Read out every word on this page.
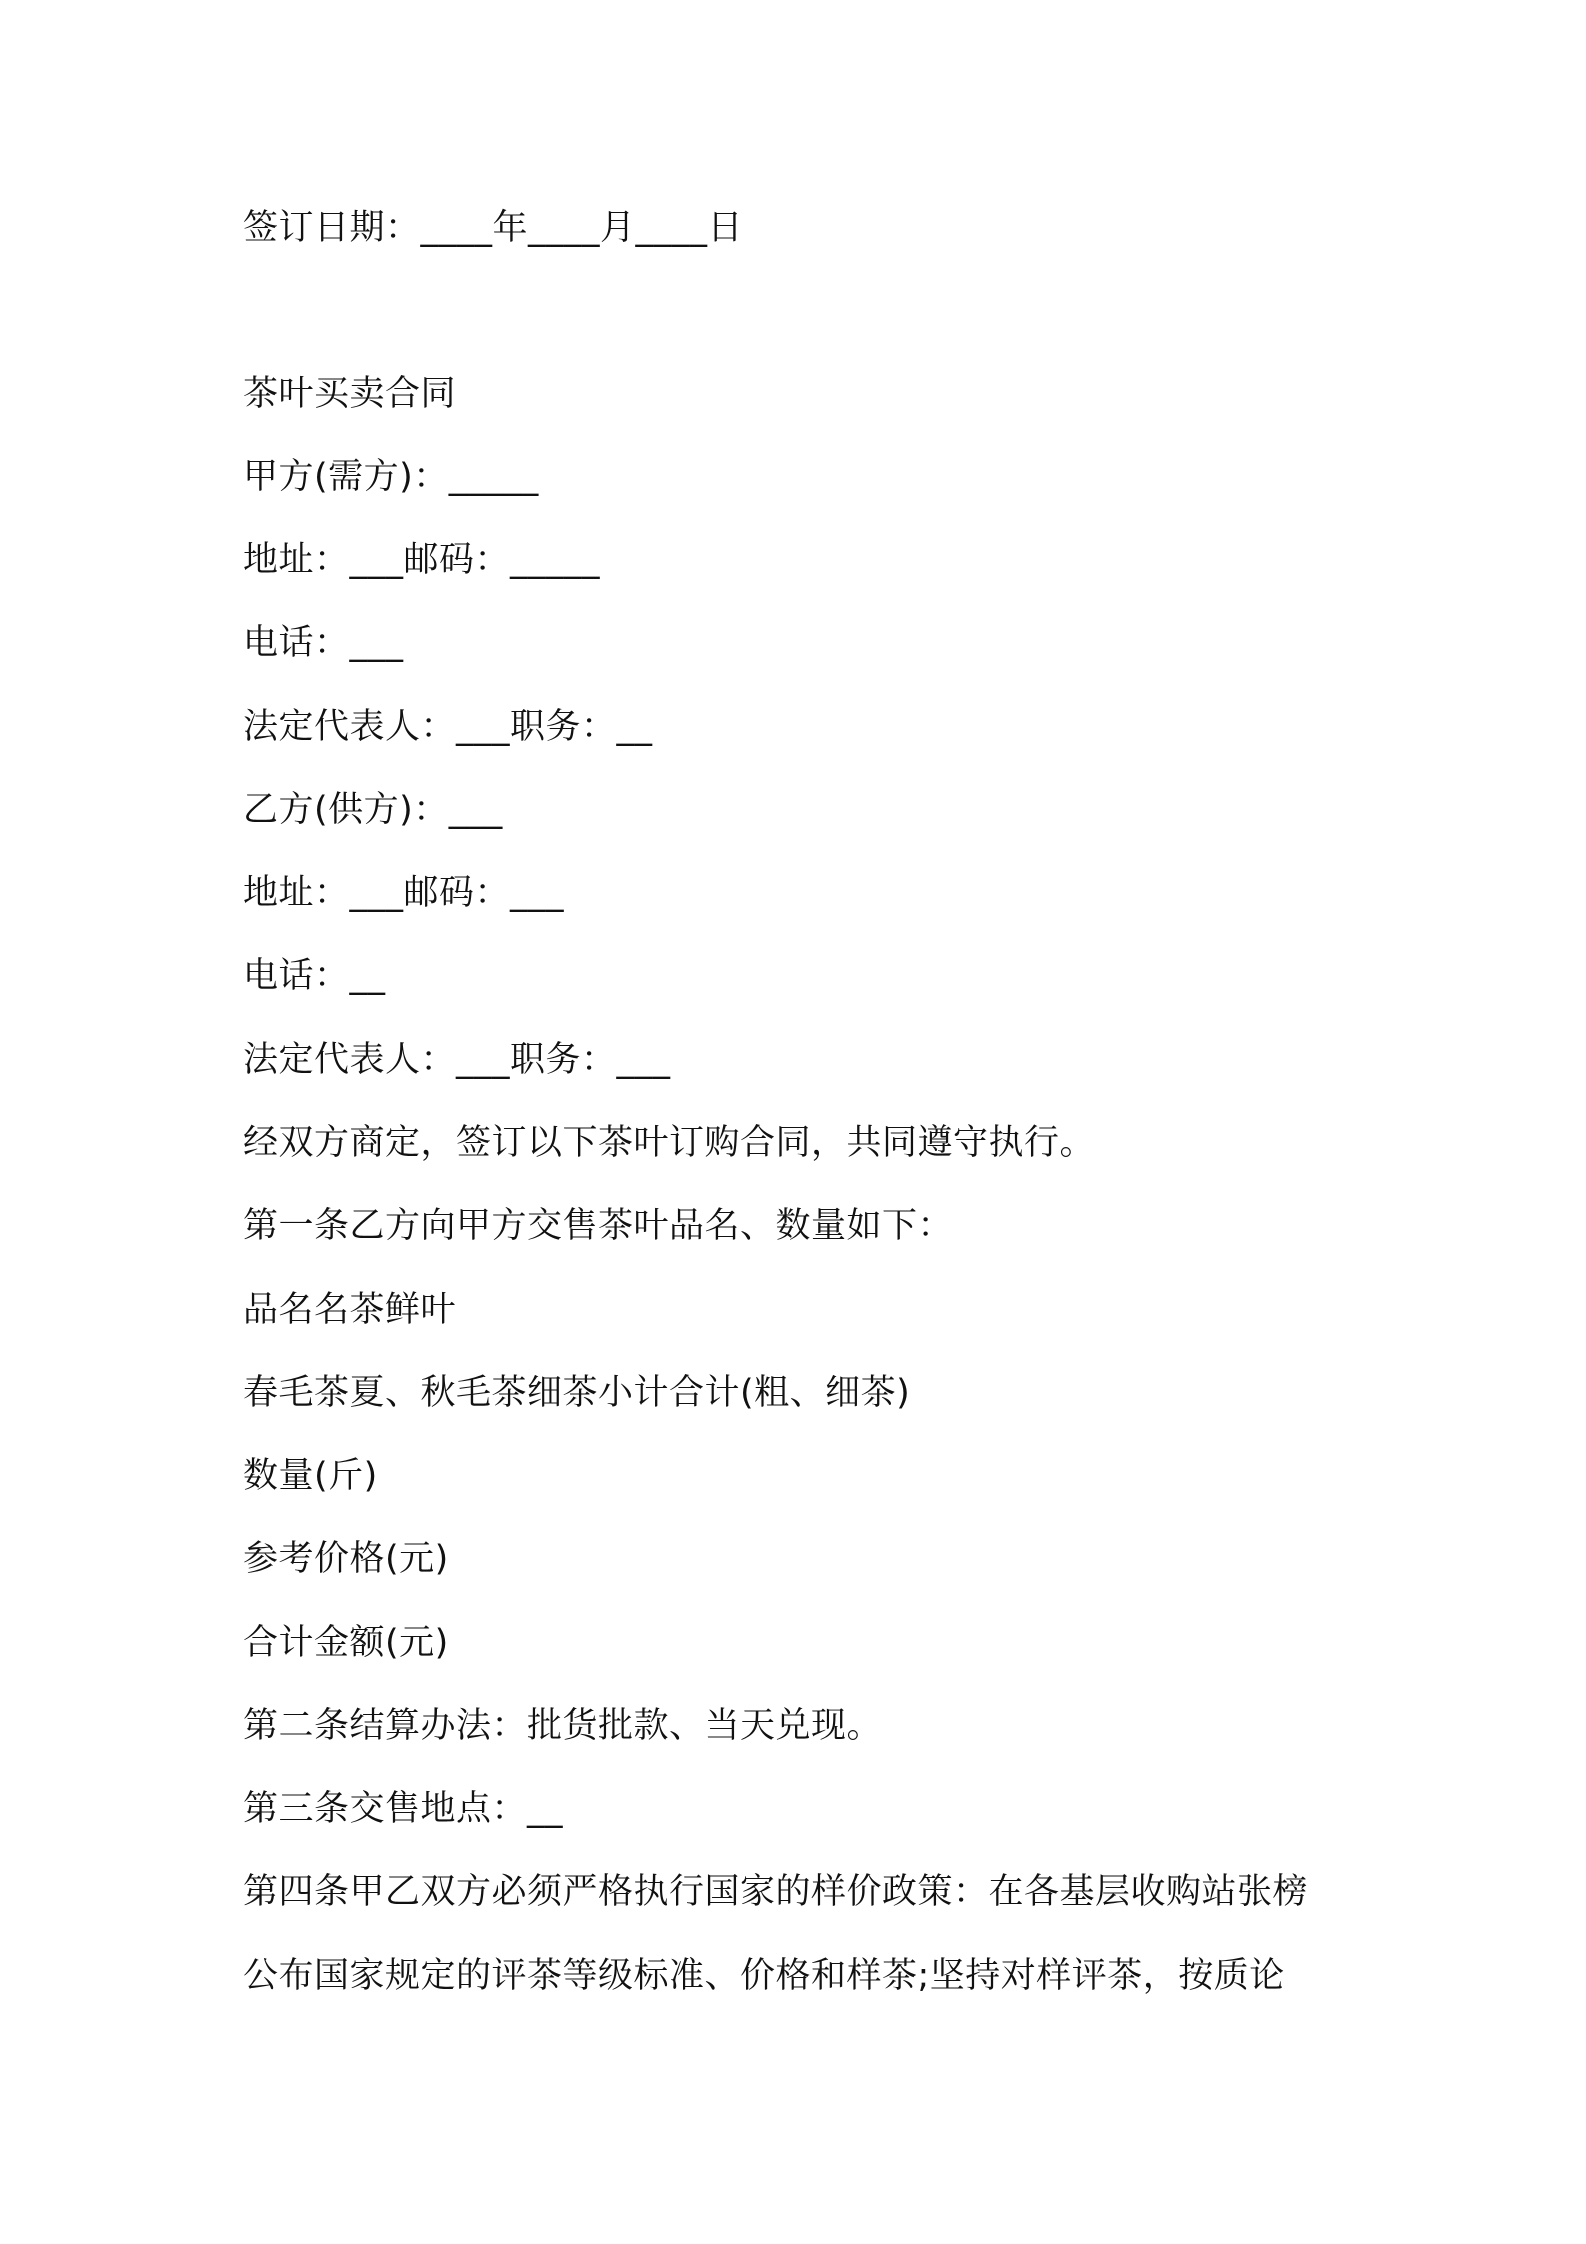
签订日期：____年____月____日
茶叶买卖合同
甲方(需方)：_____
地址：___邮码：_____
电话：___
法定代表人：___职务：__
乙方(供方)：___
地址：___邮码：___
电话：__
法定代表人：___职务：___
经双方商定，签订以下茶叶订购合同，共同遵守执行。
第一条乙方向甲方交售茶叶品名、数量如下：
品名名茶鲜叶
春毛茶夏、秋毛茶细茶小计合计(粗、细茶)
数量(斤)
参考价格(元)
合计金额(元)
第二条结算办法：批货批款、当天兑现。
第三条交售地点：__
第四条甲乙双方必须严格执行国家的样价政策：在各基层收购站张榜
公布国家规定的评茶等级标准、价格和样茶;坚持对样评茶，按质论
